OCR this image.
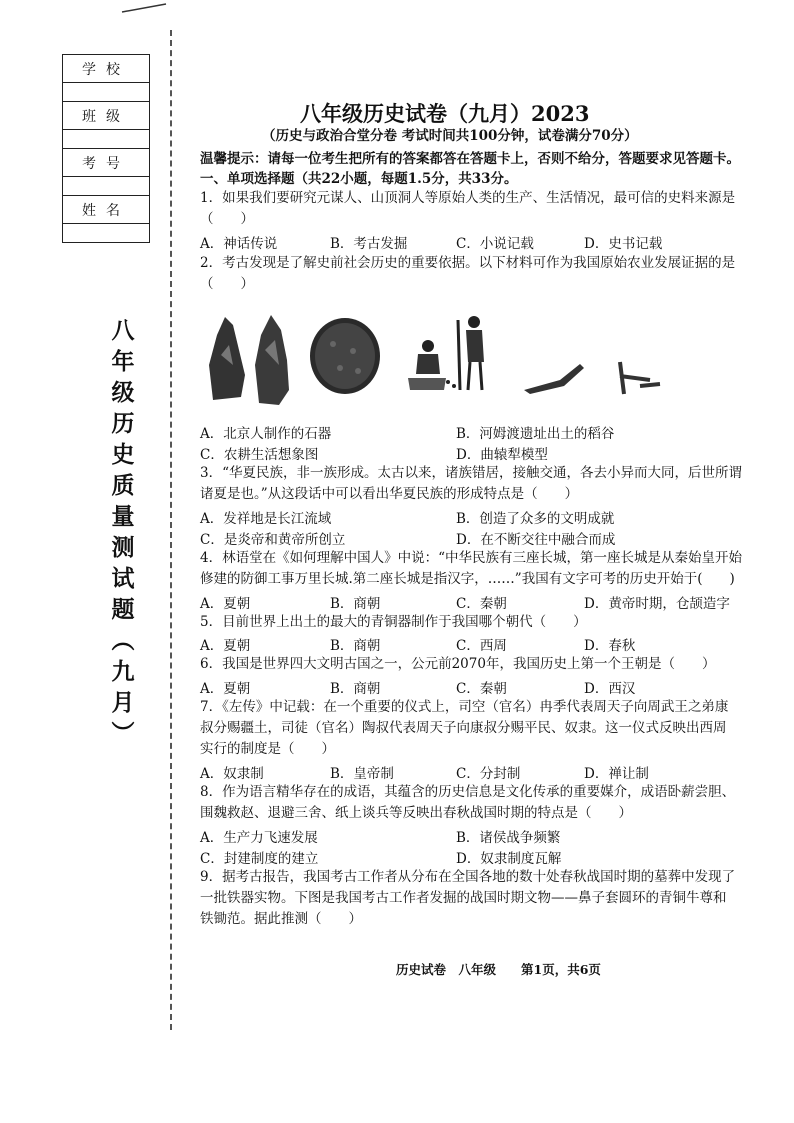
学校
班级
考号
姓名
八
年
级
历
史
质
量
测
试
题
︵
九
月
︶
八年级历史试卷（九月）2023
（历史与政治合堂分卷 考试时间共100分钟，试卷满分70分）
温馨提示：请每一位考生把所有的答案都答在答题卡上，否则不给分，答题要求见答题卡。
一、单项选择题（共22小题，每题1.5分，共33分。
1．如果我们要研究元谋人、山顶洞人等原始人类的生产、生活情况，最可信的史料来源是
（　　）
A．神话传说	B．考古发掘	C．小说记载	D．史书记载
2．考古发现是了解史前社会历史的重要依据。以下材料可作为我国原始农业发展证据的是
（　　）
A．北京人制作的石器	B．河姆渡遗址出土的稻谷
C．农耕生活想象图	D．曲辕犁模型
3．“华夏民族，非一族形成。太古以来，诸族错居，接触交通，各去小异而大同，后世所谓
诸夏是也。”从这段话中可以看出华夏民族的形成特点是（　　）
A．发祥地是长江流域	B．创造了众多的文明成就
C．是炎帝和黄帝所创立	D．在不断交往中融合而成
4．林语堂在《如何理解中国人》中说：“中华民族有三座长城，第一座长城是从秦始皇开始
修建的防御工事万里长城.第二座长城是指汉字，……”我国有文字可考的历史开始于(　　)
A．夏朝	B．商朝	C．秦朝	D．黄帝时期，仓颉造字
5．目前世界上出土的最大的青铜器制作于我国哪个朝代（　　）
A．夏朝	B．商朝	C．西周	D．春秋
6．我国是世界四大文明古国之一，公元前2070年，我国历史上第一个王朝是（　　）
A．夏朝	B．商朝	C．秦朝	D．西汉
7．《左传》中记载：在一个重要的仪式上，司空（官名）冉季代表周天子向周武王之弟康
叔分赐疆土，司徒（官名）陶叔代表周天子向康叔分赐平民、奴隶。这一仪式反映出西周
实行的制度是（　　）
A．奴隶制	B．皇帝制	C．分封制	D．禅让制
8．作为语言精华存在的成语，其蕴含的历史信息是文化传承的重要媒介，成语卧薪尝胆、
围魏救赵、退避三舍、纸上谈兵等反映出春秋战国时期的特点是（　　）
A．生产力飞速发展	B．诸侯战争频繁
C．封建制度的建立	D．奴隶制度瓦解
9．据考古报告，我国考古工作者从分布在全国各地的数十处春秋战国时期的墓葬中发现了
一批铁器实物。下图是我国考古工作者发掘的战国时期文物——鼻子套圆环的青铜牛尊和
铁锄范。据此推测（　　）
历史试卷　八年级　　第1页，共6页
